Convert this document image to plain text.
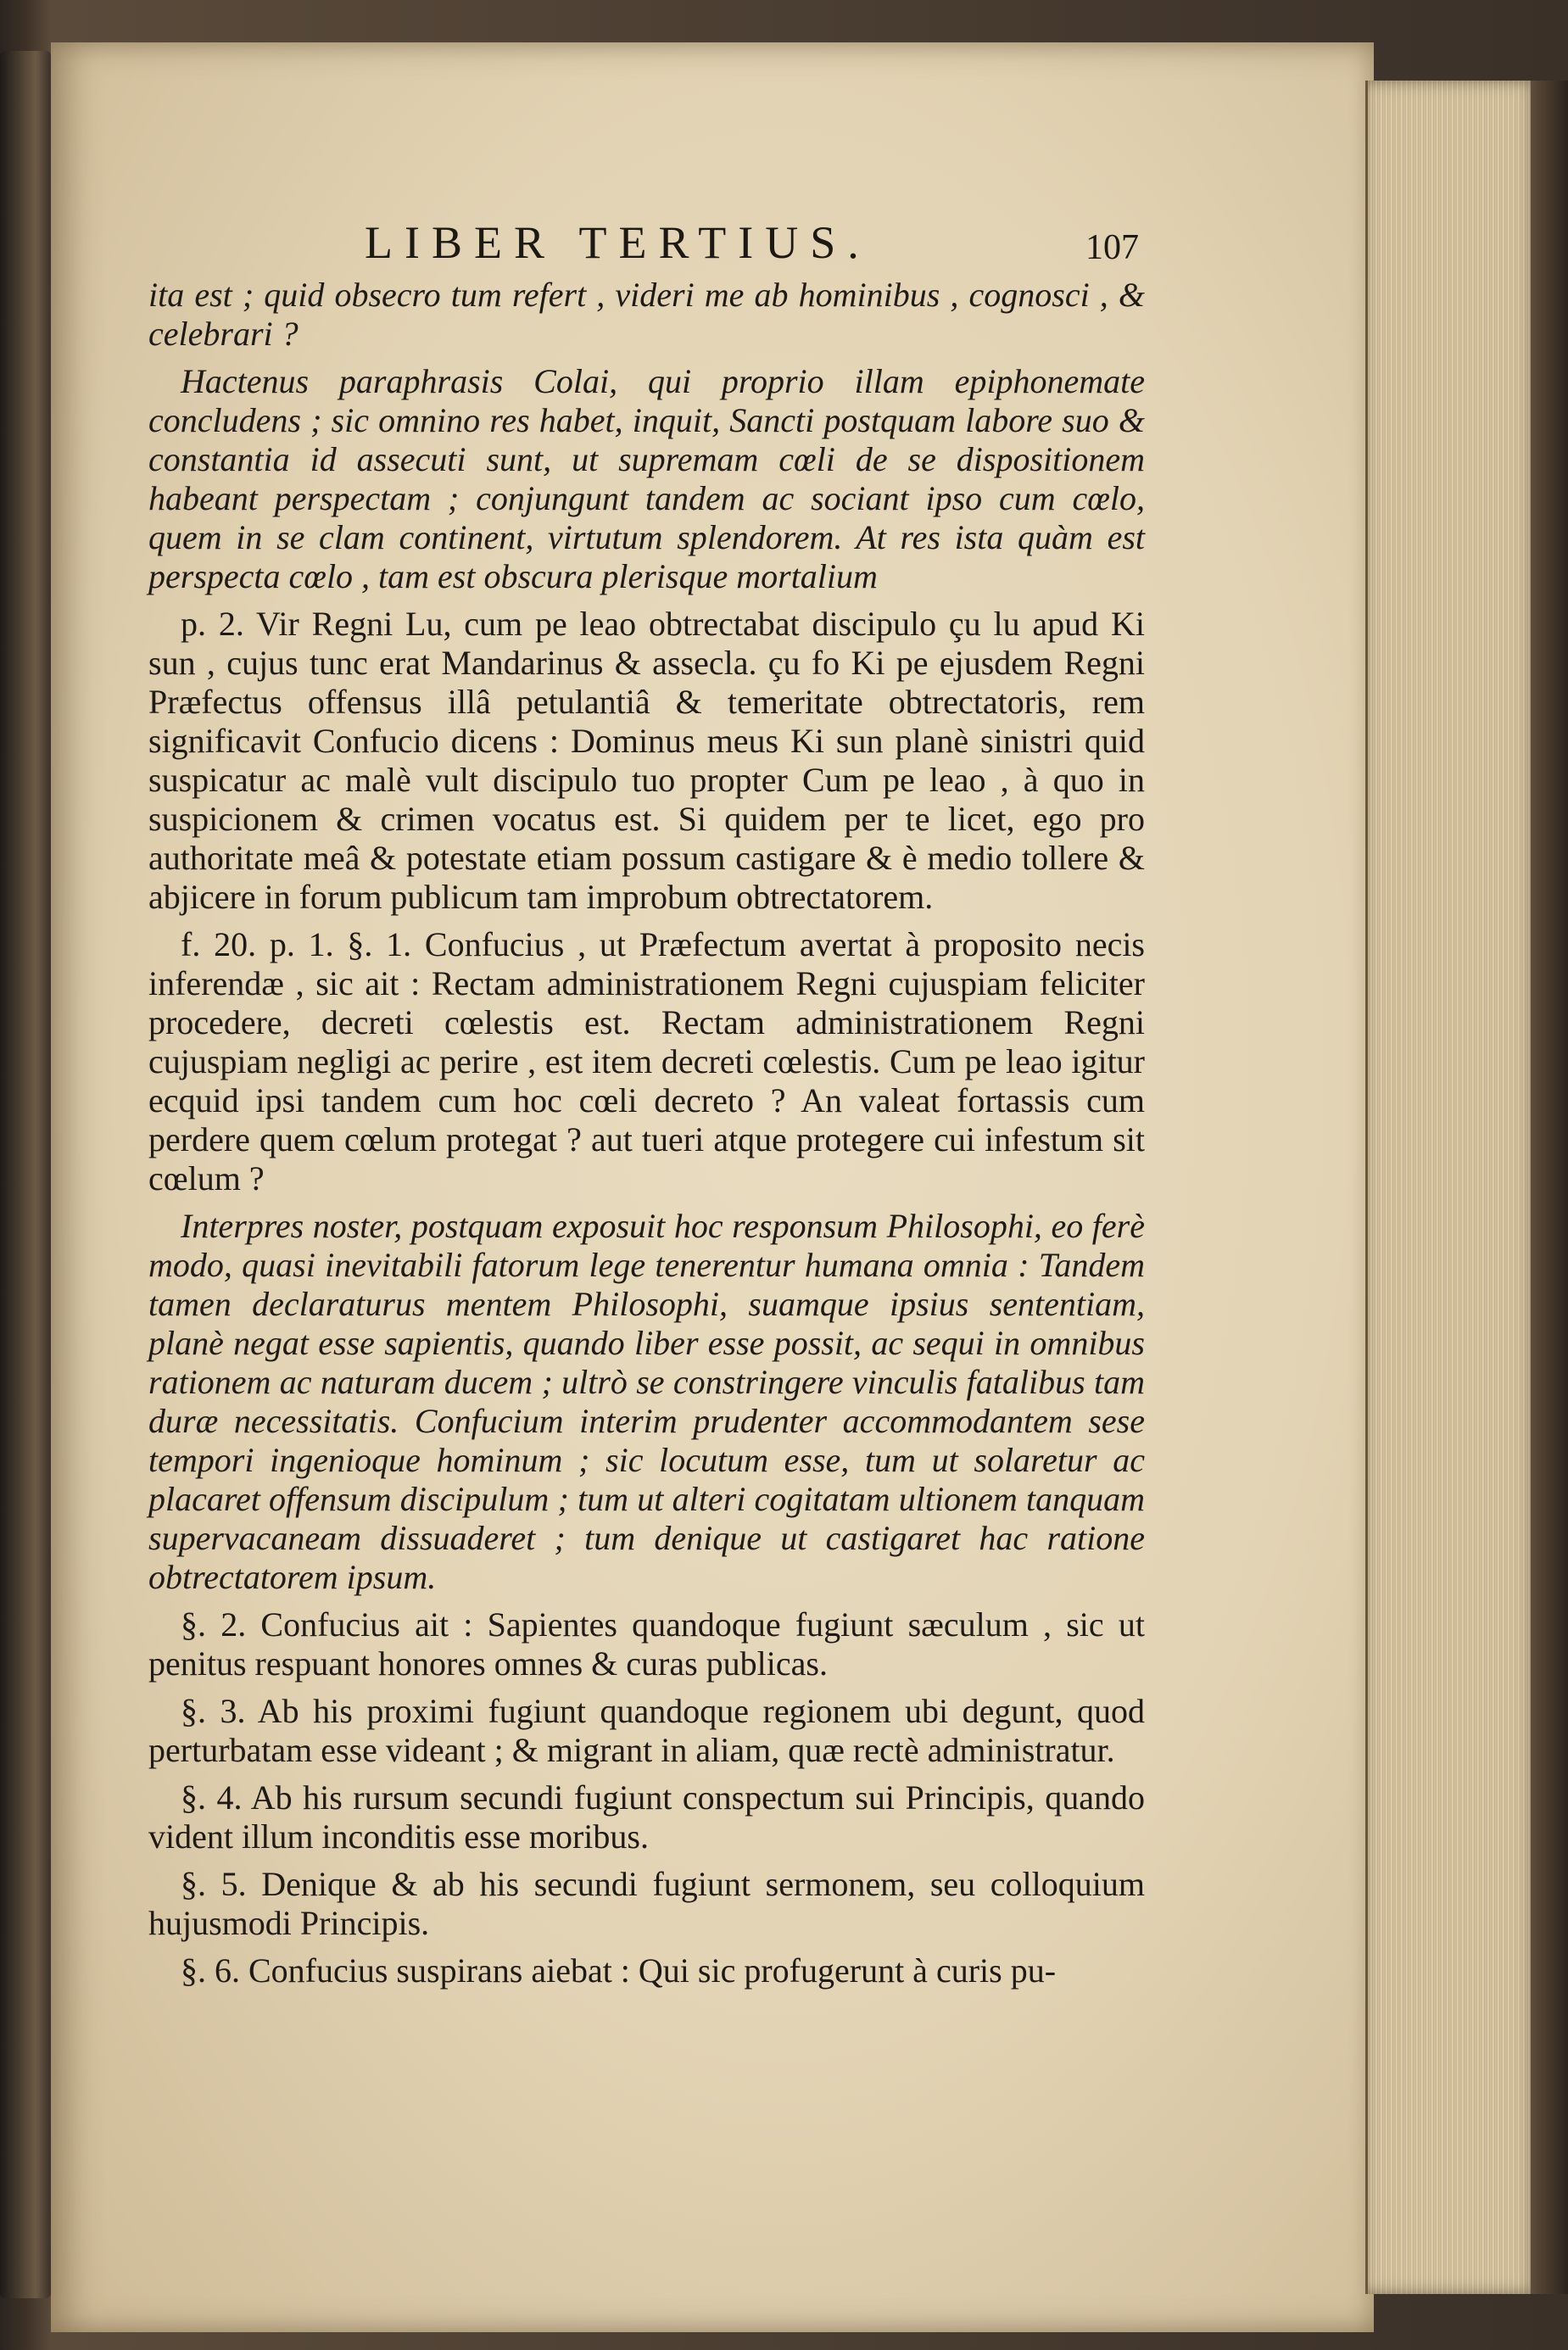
LIBER TERTIUS.	107

ita est ; quid obsecro tum refert , videri me ab hominibus , cognosci , & celebrari ?

Hactenus paraphrasis Colai, qui proprio illam epiphonemate concludens ; sic omnino res habet, inquit, Sancti postquam labore suo & constantia id assecuti sunt, ut supremam cœli de se dispositionem habeant perspectam ; conjungunt tandem ac sociant ipso cum cœlo, quem in se clam continent, virtutum splendorem. At res ista quàm est perspecta cœlo , tam est obscura plerisque mortalium

p. 2. Vir Regni Lu, cum pe leao obtrectabat discipulo çu lu apud Ki sun , cujus tunc erat Mandarinus & assecla. çu fo Ki pe ejusdem Regni Præfectus offensus illâ petulantiâ & temeritate obtrectatoris, rem significavit Confucio dicens : Dominus meus Ki sun planè sinistri quid suspicatur ac malè vult discipulo tuo propter Cum pe leao , à quo in suspicionem & crimen vocatus est. Si quidem per te licet, ego pro authoritate meâ & potestate etiam possum castigare & è medio tollere & abjicere in forum publicum tam improbum obtrectatorem.

f. 20. p. 1. §. 1. Confucius , ut Præfectum avertat à proposito necis inferendæ , sic ait : Rectam administrationem Regni cujuspiam feliciter procedere, decreti cœlestis est. Rectam administrationem Regni cujuspiam negligi ac perire , est item decreti cœlestis. Cum pe leao igitur ecquid ipsi tandem cum hoc cœli decreto ? An valeat fortassis cum perdere quem cœlum protegat ? aut tueri atque protegere cui infestum sit cœlum ?

Interpres noster, postquam exposuit hoc responsum Philosophi, eo ferè modo, quasi inevitabili fatorum lege tenerentur humana omnia : Tandem tamen declaraturus mentem Philosophi, suamque ipsius sententiam, planè negat esse sapientis, quando liber esse possit, ac sequi in omnibus rationem ac naturam ducem ; ultrò se constringere vinculis fatalibus tam duræ necessitatis. Confucium interim prudenter accommodantem sese tempori ingenioque hominum ; sic locutum esse, tum ut solaretur ac placaret offensum discipulum ; tum ut alteri cogitatam ultionem tanquam supervacaneam dissuaderet ; tum denique ut castigaret hac ratione obtrectatorem ipsum.

§. 2. Confucius ait : Sapientes quandoque fugiunt sæculum , sic ut penitus respuant honores omnes & curas publicas.

§. 3. Ab his proximi fugiunt quandoque regionem ubi degunt, quod perturbatam esse videant ; & migrant in aliam, quæ rectè administratur.

§. 4. Ab his rursum secundi fugiunt conspectum sui Principis, quando vident illum inconditis esse moribus.

§. 5. Denique & ab his secundi fugiunt sermonem, seu colloquium hujusmodi Principis.

§. 6. Confucius suspirans aiebat : Qui sic profugerunt à curis pu-
